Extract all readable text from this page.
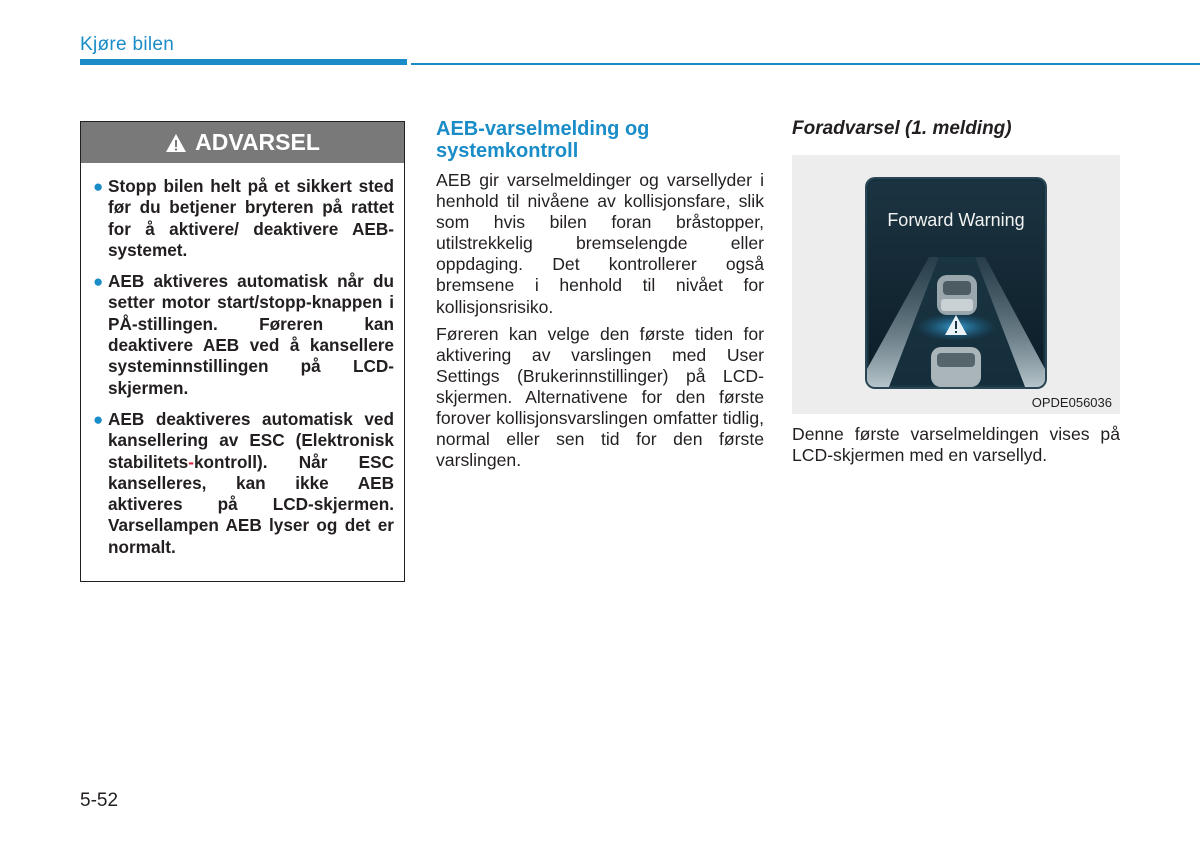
Kjøre bilen
ADVARSEL
● Stopp bilen helt på et sikkert sted før du betjener bryteren på rattet for å aktivere/ deaktivere AEB-systemet.
● AEB aktiveres automatisk når du setter motor start/stopp-knappen i PÅ-stillingen. Føreren kan deaktivere AEB ved å kansellere systeminnstillingen på LCD-skjermen.
● AEB deaktiveres automatisk ved kansellering av ESC (Elektronisk stabilitets-kontroll). Når ESC kanselleres, kan ikke AEB aktiveres på LCD-skjermen. Varsellampen AEB lyser og det er normalt.
AEB-varselmelding og systemkontroll

AEB gir varselmeldinger og varsellyder i henhold til nivåene av kollisjonsfare, slik som hvis bilen foran bråstopper, utilstrekkelig bremselengde eller oppdaging. Det kontrollerer også bremsene i henhold til nivået for kollisjonsrisiko.

Føreren kan velge den første tiden for aktivering av varslingen med User Settings (Brukerinnstillinger) på LCD-skjermen. Alternativene for den første forover kollisjonsvarslingen omfatter tidlig, normal eller sen tid for den første varslingen.

Foradvarsel (1. melding)
Forward Warning
OPDE056036

Denne første varselmeldingen vises på LCD-skjermen med en varsellyd.

5-52
